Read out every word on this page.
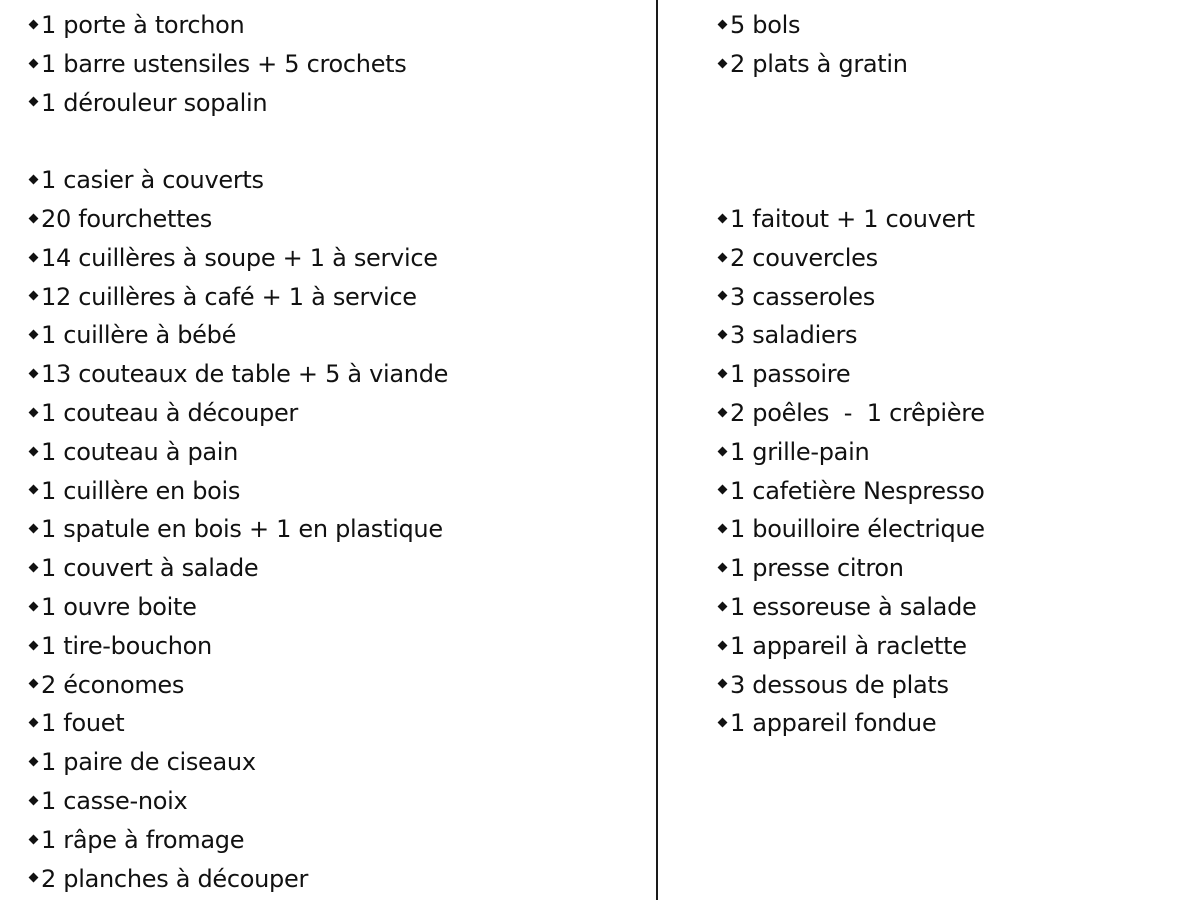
1 porte à torchon
1 barre ustensiles + 5 crochets
1 dérouleur sopalin
1 casier à couverts
20 fourchettes
14 cuillères à soupe + 1 à service
12 cuillères à café + 1 à service
1 cuillère à bébé
13 couteaux de table + 5 à viande
1 couteau à découper
1 couteau à pain
1 cuillère en bois
1 spatule en bois + 1 en plastique
1 couvert à salade
1 ouvre boite
1 tire-bouchon
2 économes
1 fouet
1 paire de ciseaux
1 casse-noix
1 râpe à fromage
2 planches à découper
5 bols
2 plats à gratin
1 faitout + 1 couvert
2 couvercles
3 casseroles
3 saladiers
1 passoire
2 poêles  -  1 crêpière
1 grille-pain
1 cafetière Nespresso
1 bouilloire électrique
1 presse citron
1 essoreuse à salade
1 appareil à raclette
3 dessous de plats
1 appareil fondue
